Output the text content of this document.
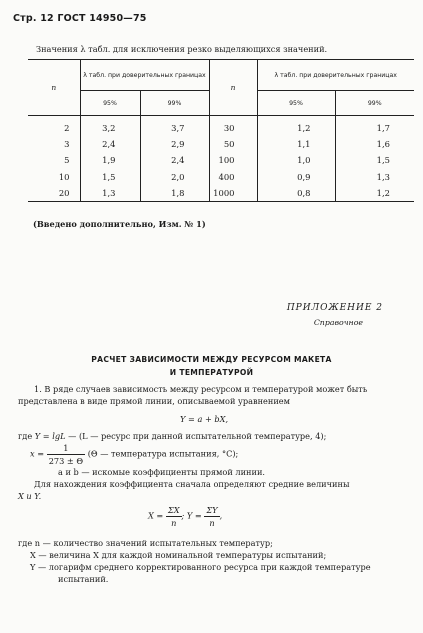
Стр. 12 ГОСТ 14950—75
Значения λ табл. для исключения резко выделяющихся значений.
n	λ табл. при доверительных границах		n	λ табл. при доверительных границах	
	95%	99%		95%	99%
2	3,2	3,7	30	1,2	1,7
3	2,4	2,9	50	1,1	1,6
5	1,9	2,4	100	1,0	1,5
10	1,5	2,0	400	0,9	1,3
20	1,3	1,8	1000	0,8	1,2
(Введено дополнительно, Изм. № 1)
ПРИЛОЖЕНИЕ 2
Справочное
РАСЧЕТ ЗАВИСИМОСТИ МЕЖДУ РЕСУРСОМ МАКЕТА
И ТЕМПЕРАТУРОЙ
1. В ряде случаев зависимость между ресурсом и температурой может быть
представлена в виде прямой линии, описываемой уравнением
Y = a + bX,
где Y = lgL — (L — ресурс при данной испытательной температуре, 4);
$x = \frac{1}{273 \pm \Theta} (\Theta$ — температура испытания, °С);
a и b — искомые коэффициенты прямой линии.
Для нахождения коэффициента сначала определяют средние величины
X и Y.
$X = \frac{\Sigma X}{n}$ ; $Y = \frac{\Sigma Y}{n}$ ,
где n — количество значений испытательных температур;
X — величина X для каждой номинальной температуры испытаний;
Y — логарифм среднего корректированного ресурса при каждой температуре
испытаний.
